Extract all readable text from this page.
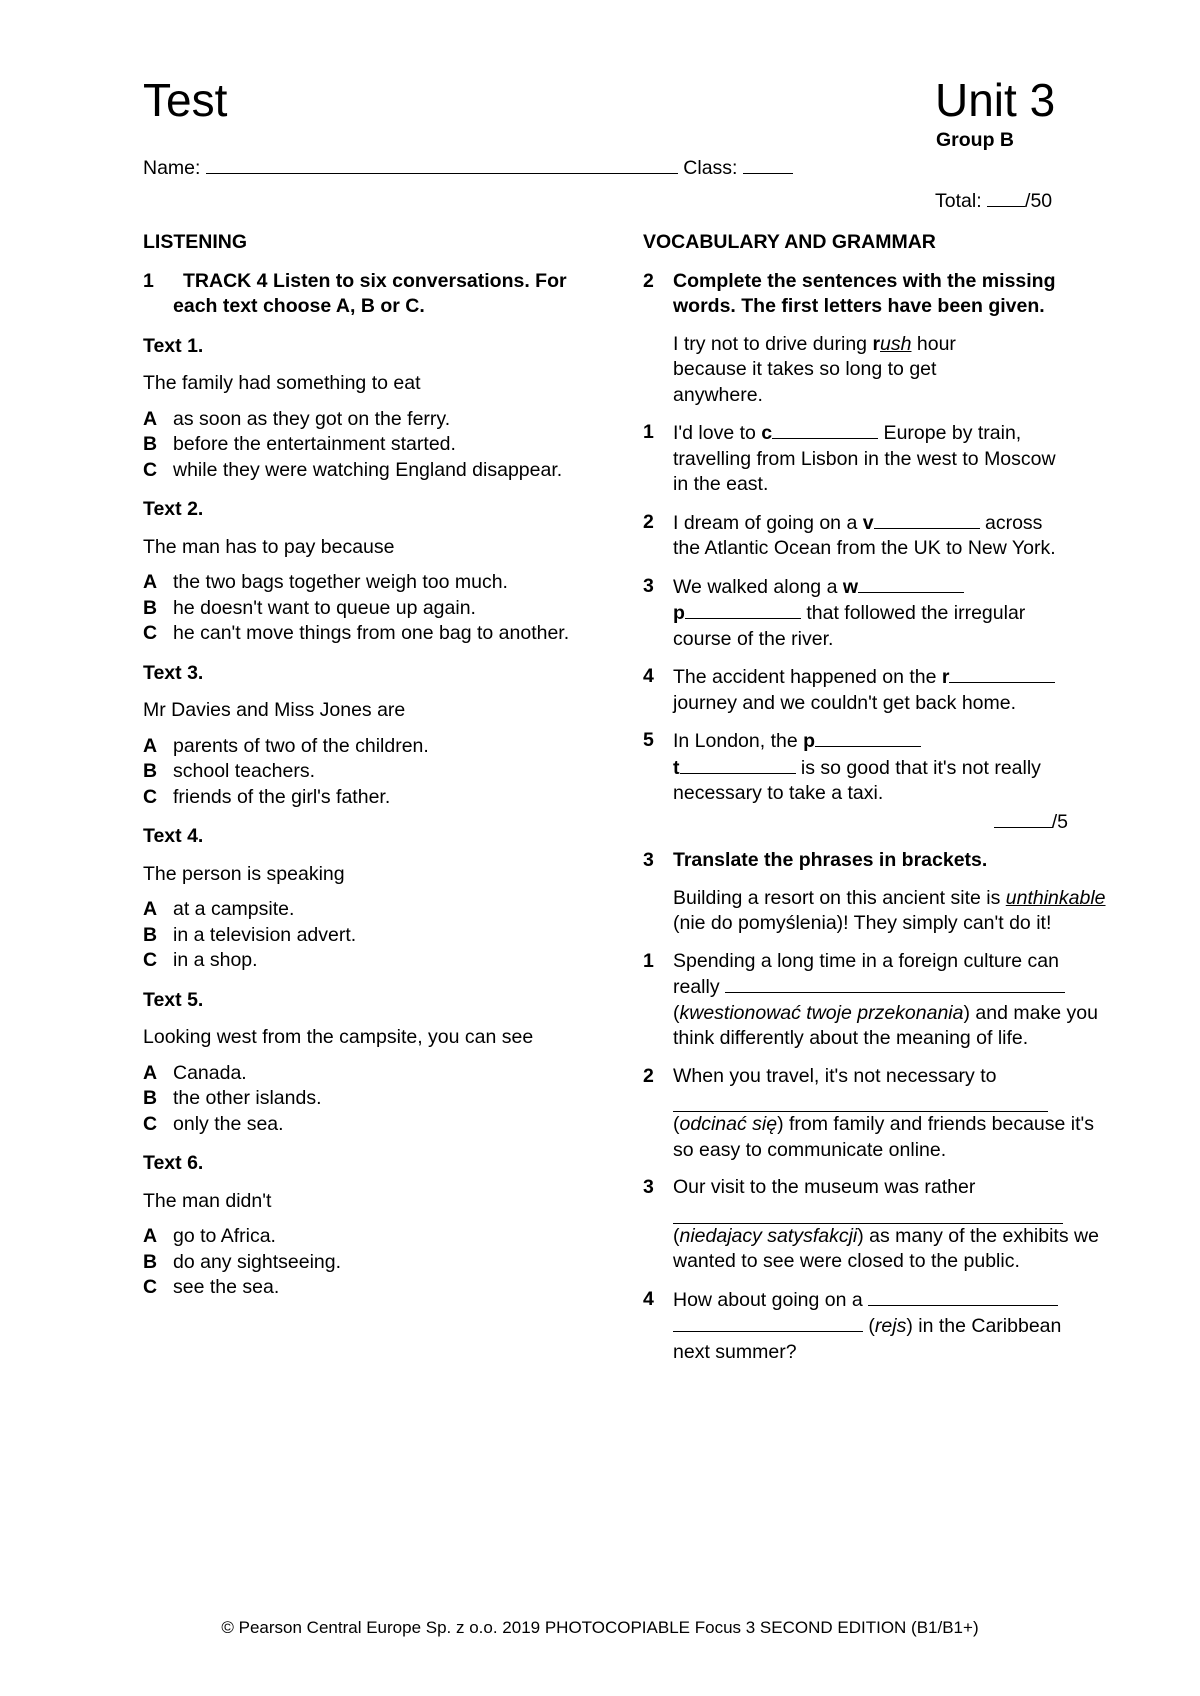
Test	Unit 3
Group B
Name:	Class:
Total: /50
LISTENING
1	TRACK 4 Listen to six conversations. For each text choose A, B or C.
Text 1.
The family had something to eat
A as soon as they got on the ferry.
B before the entertainment started.
C while they were watching England disappear.
Text 2.
The man has to pay because
A the two bags together weigh too much.
B he doesn't want to queue up again.
C he can't move things from one bag to another.
Text 3.
Mr Davies and Miss Jones are
A parents of two of the children.
B school teachers.
C friends of the girl's father.
Text 4.
The person is speaking
A at a campsite.
B in a television advert.
C in a shop.
Text 5.
Looking west from the campsite, you can see
A Canada.
B the other islands.
C only the sea.
Text 6.
The man didn't
A go to Africa.
B do any sightseeing.
C see the sea.
VOCABULARY AND GRAMMAR
2 Complete the sentences with the missing words. The first letters have been given.
I try not to drive during rush hour because it takes so long to get anywhere.
1 I'd love to c	Europe by train, travelling from Lisbon in the west to Moscow in the east.
2 I dream of going on a v	across the Atlantic Ocean from the UK to New York.
3 We walked along a w
p	that followed the irregular course of the river.
4 The accident happened on the r journey and we couldn't get back home.
5 In London, the p
t	is so good that it's not really necessary to take a taxi.
/5
3 Translate the phrases in brackets.
Building a resort on this ancient site is unthinkable (nie do pomyślenia)! They simply can't do it!
1 Spending a long time in a foreign culture can really
(kwestionować twoje przekonania) and make you think differently about the meaning of life.
2 When you travel, it's not necessary to
(odcinać się) from family and friends because it's so easy to communicate online.
3 Our visit to the museum was rather
(niedajacy satysfakcji) as many of the exhibits we wanted to see were closed to the public.
4 How about going on a
(rejs) in the Caribbean next summer?
© Pearson Central Europe Sp. z o.o. 2019 PHOTOCOPIABLE Focus 3 SECOND EDITION (B1/B1+)
